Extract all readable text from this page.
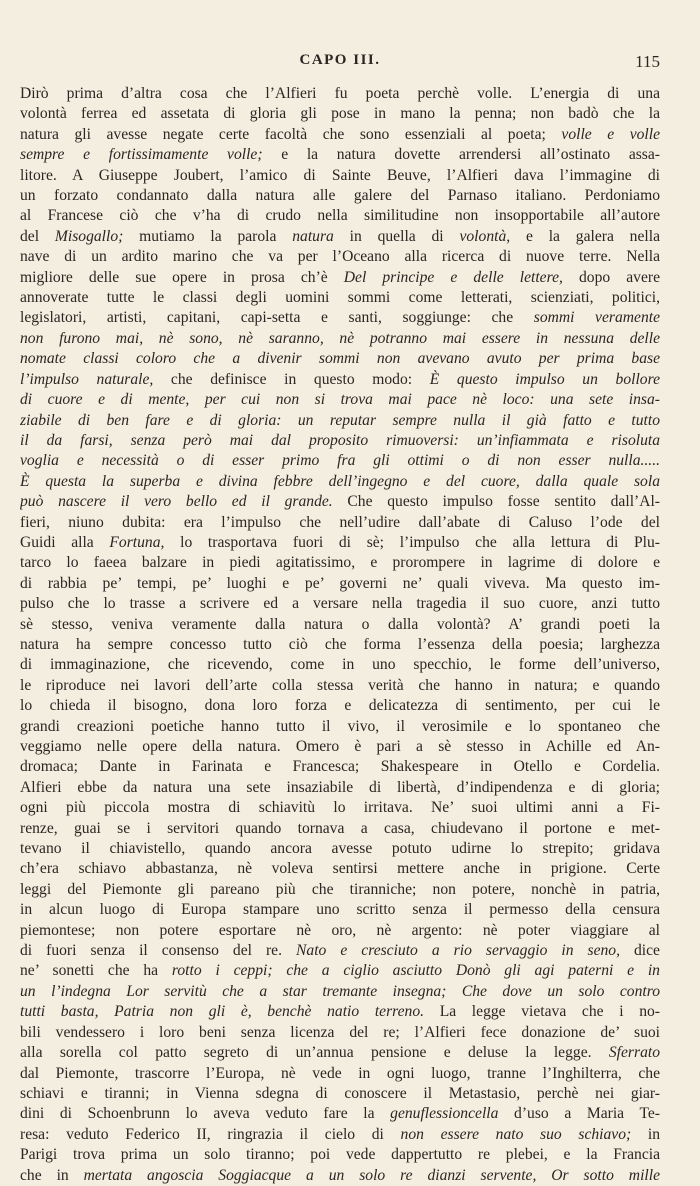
CAPO III.	115
Dirò prima d’altra cosa che l’Alfieri fu poeta perchè volle. L’energia di una
volontà ferrea ed assetata di gloria gli pose in mano la penna; non badò che la
natura gli avesse negate certe facoltà che sono essenziali al poeta; volle e volle
sempre e fortissimamente volle; e la natura dovette arrendersi all’ostinato assa-
litore. A Giuseppe Joubert, l’amico di Sainte Beuve, l’Alfieri dava l’immagine di
un forzato condannato dalla natura alle galere del Parnaso italiano. Perdoniamo
al Francese ciò che v’ha di crudo nella similitudine non insopportabile all’autore
del Misogallo; mutiamo la parola natura in quella di volontà, e la galera nella
nave di un ardito marino che va per l’Oceano alla ricerca di nuove terre. Nella
migliore delle sue opere in prosa ch’è Del principe e delle lettere, dopo avere
annoverate tutte le classi degli uomini sommi come letterati, scienziati, politici,
legislatori, artisti, capitani, capi-setta e santi, soggiunge: che sommi veramente
non furono mai, nè sono, nè saranno, nè potranno mai essere in nessuna delle
nomate classi coloro che a divenir sommi non avevano avuto per prima base
l’impulso naturale, che definisce in questo modo: È questo impulso un bollore
di cuore e di mente, per cui non si trova mai pace nè loco: una sete insa-
ziabile di ben fare e di gloria: un reputar sempre nulla il già fatto e tutto
il da farsi, senza però mai dal proposito rimuoversi: un’infiammata e risoluta
voglia e necessità o di esser primo fra gli ottimi o di non esser nulla.....
È questa la superba e divina febbre dell’ingegno e del cuore, dalla quale sola
può nascere il vero bello ed il grande. Che questo impulso fosse sentito dall’Al-
fieri, niuno dubita: era l’impulso che nell’udire dall’abate di Caluso l’ode del
Guidi alla Fortuna, lo trasportava fuori di sè; l’impulso che alla lettura di Plu-
tarco lo faeea balzare in piedi agitatissimo, e prorompere in lagrime di dolore e
di rabbia pe’ tempi, pe’ luoghi e pe’ governi ne’ quali viveva. Ma questo im-
pulso che lo trasse a scrivere ed a versare nella tragedia il suo cuore, anzi tutto
sè stesso, veniva veramente dalla natura o dalla volontà? A’ grandi poeti la
natura ha sempre concesso tutto ciò che forma l’essenza della poesia; larghezza
di immaginazione, che ricevendo, come in uno specchio, le forme dell’universo,
le riproduce nei lavori dell’arte colla stessa verità che hanno in natura; e quando
lo chieda il bisogno, dona loro forza e delicatezza di sentimento, per cui le
grandi creazioni poetiche hanno tutto il vivo, il verosimile e lo spontaneo che
veggiamo nelle opere della natura. Omero è pari a sè stesso in Achille ed An-
dromaca; Dante in Farinata e Francesca; Shakespeare in Otello e Cordelia.
Alfieri ebbe da natura una sete insaziabile di libertà, d’indipendenza e di gloria;
ogni più piccola mostra di schiavitù lo irritava. Ne’ suoi ultimi anni a Fi-
renze, guai se i servitori quando tornava a casa, chiudevano il portone e met-
tevano il chiavistello, quando ancora avesse potuto udirne lo strepito; gridava
ch’era schiavo abbastanza, nè voleva sentirsi mettere anche in prigione. Certe
leggi del Piemonte gli pareano più che tiranniche; non potere, nonchè in patria,
in alcun luogo di Europa stampare uno scritto senza il permesso della censura
piemontese; non potere esportare nè oro, nè argento: nè poter viaggiare al
di fuori senza il consenso del re. Nato e cresciuto a rio servaggio in seno, dice
ne’ sonetti che ha rotto i ceppi; che a ciglio asciutto Donò gli agi paterni e in
un l’indegna Lor servitù che a star tremante insegna; Che dove un solo contro
tutti basta, Patria non gli è, benchè natio terreno. La legge vietava che i no-
bili vendessero i loro beni senza licenza del re; l’Alfieri fece donazione de’ suoi
alla sorella col patto segreto di un’annua pensione e deluse la legge. Sferrato
dal Piemonte, trascorre l’Europa, nè vede in ogni luogo, tranne l’Inghilterra, che
schiavi e tiranni; in Vienna sdegna di conoscere il Metastasio, perchè nei giar-
dini di Schoenbrunn lo aveva veduto fare la genuflessioncella d’uso a Maria Te-
resa: veduto Federico II, ringrazia il cielo di non essere nato suo schiavo; in
Parigi trova prima un solo tiranno; poi vede dappertutto re plebei, e la Francia
che in mertata angoscia Soggiacque a un solo re dianzi servente, Or sotto mille
